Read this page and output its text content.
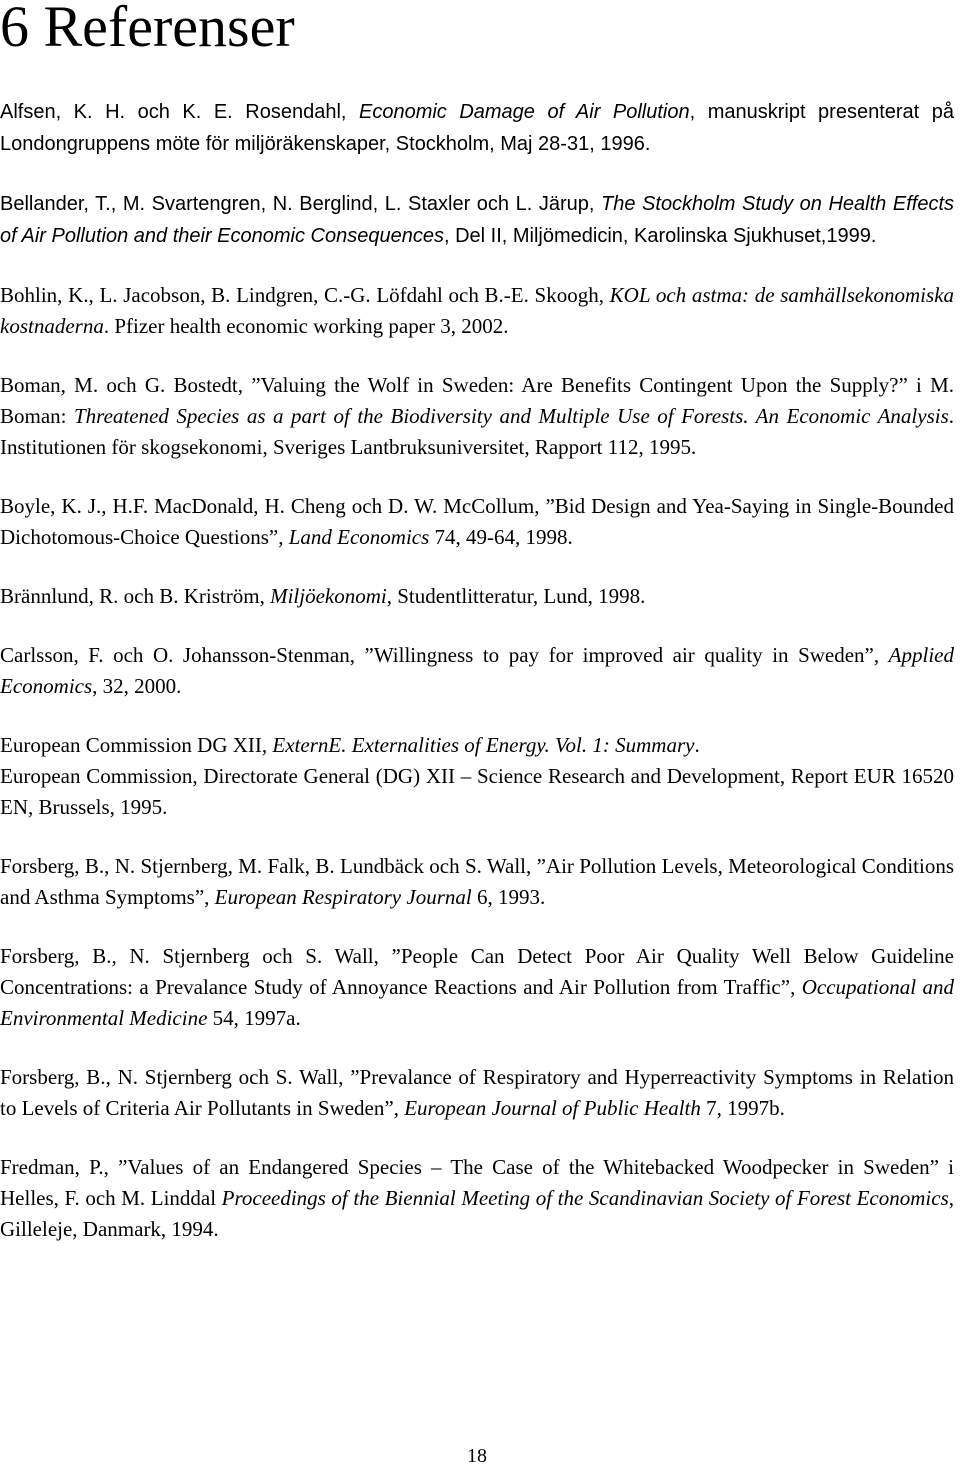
6 Referenser

Alfsen, K. H. och K. E. Rosendahl, Economic Damage of Air Pollution, manuskript presenterat på Londongruppens möte för miljöräkenskaper, Stockholm, Maj 28-31, 1996.

Bellander, T., M. Svartengren, N. Berglind, L. Staxler och L. Järup, The Stockholm Study on Health Effects of Air Pollution and their Economic Consequences, Del II, Miljömedicin, Karolinska Sjukhuset,1999.

Bohlin, K., L. Jacobson, B. Lindgren, C.-G. Löfdahl och B.-E. Skoogh, KOL och astma: de samhällsekonomiska kostnaderna. Pfizer health economic working paper 3, 2002.

Boman, M. och G. Bostedt, ”Valuing the Wolf in Sweden: Are Benefits Contingent Upon the Supply?” i M. Boman: Threatened Species as a part of the Biodiversity and Multiple Use of Forests. An Economic Analysis. Institutionen för skogsekonomi, Sveriges Lantbruksuniversitet, Rapport 112, 1995.

Boyle, K. J., H.F. MacDonald, H. Cheng och D. W. McCollum, ”Bid Design and Yea-Saying in Single-Bounded Dichotomous-Choice Questions”, Land Economics 74, 49-64, 1998.

Brännlund, R. och B. Kriström, Miljöekonomi, Studentlitteratur, Lund, 1998.

Carlsson, F. och O. Johansson-Stenman, ”Willingness to pay for improved air quality in Sweden”, Applied Economics, 32, 2000.

European Commission DG XII, ExternE. Externalities of Energy. Vol. 1: Summary.

European Commission, Directorate General (DG) XII – Science Research and Development, Report EUR 16520 EN, Brussels, 1995.

Forsberg, B., N. Stjernberg, M. Falk, B. Lundbäck och S. Wall, ”Air Pollution Levels, Meteorological Conditions and Asthma Symptoms”, European Respiratory Journal 6, 1993.

Forsberg, B., N. Stjernberg och S. Wall, ”People Can Detect Poor Air Quality Well Below Guideline Concentrations: a Prevalance Study of Annoyance Reactions and Air Pollution from Traffic”, Occupational and Environmental Medicine 54, 1997a.

Forsberg, B., N. Stjernberg och S. Wall, ”Prevalance of Respiratory and Hyperreactivity Symptoms in Relation to Levels of Criteria Air Pollutants in Sweden”, European Journal of Public Health 7, 1997b.

Fredman, P., ”Values of an Endangered Species – The Case of the Whitebacked Woodpecker in Sweden” i Helles, F. och M. Linddal Proceedings of the Biennial Meeting of the Scandinavian Society of Forest Economics, Gilleleje, Danmark, 1994.

18
